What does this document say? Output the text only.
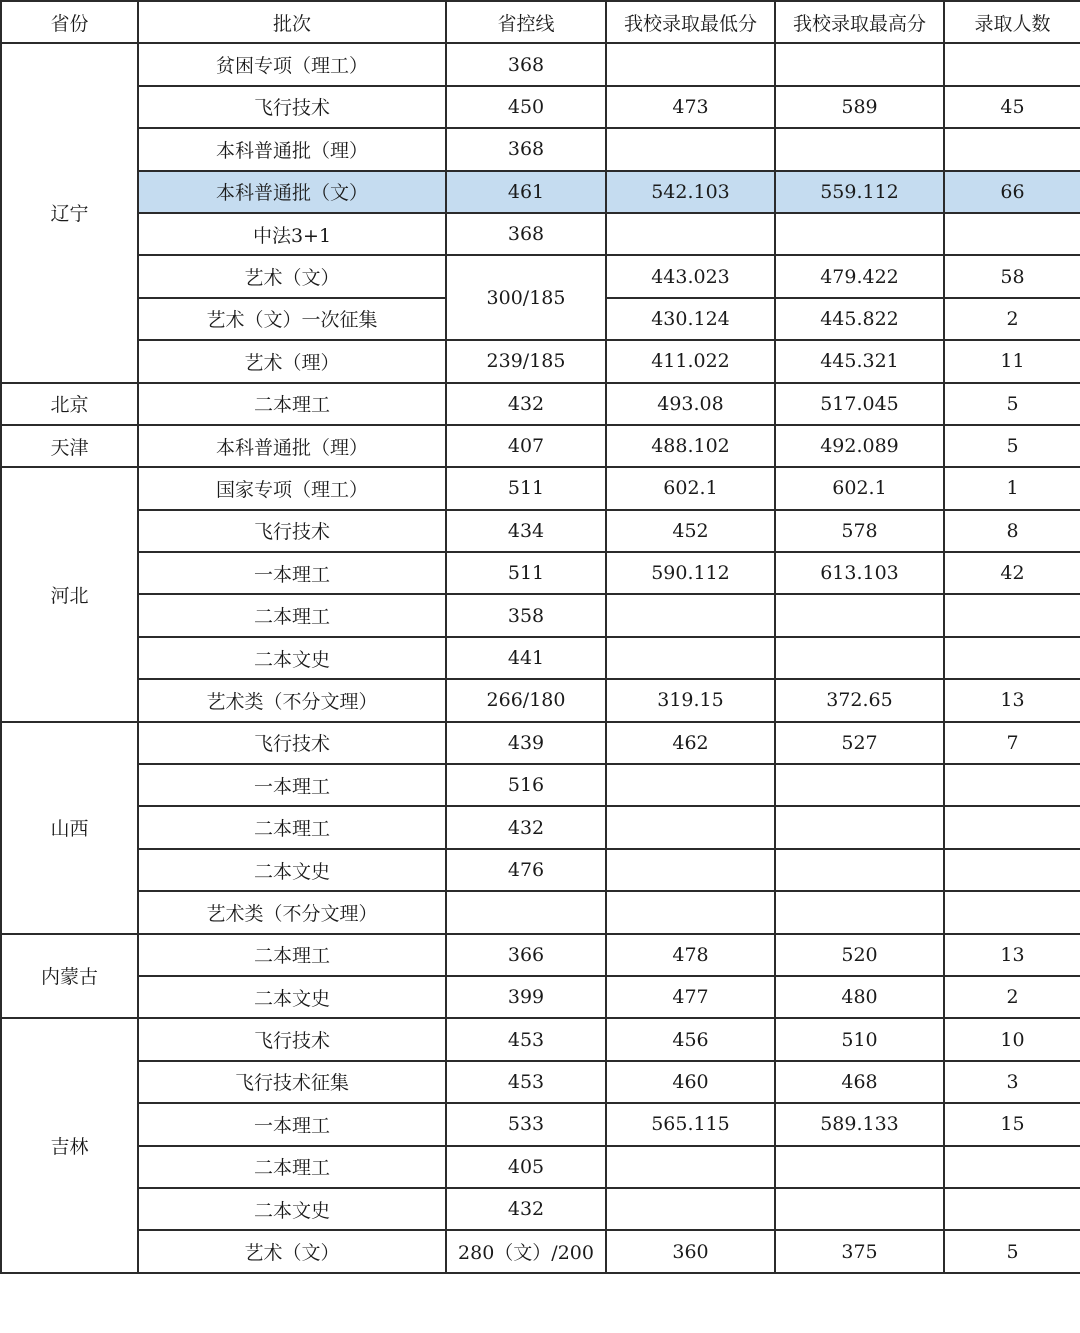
省份	批次	省控线	我校录取最低分	我校录取最高分	录取人数
辽宁	贫困专项（理工）	368			
	飞行技术	450	473	589	45
	本科普通批（理）	368			
	本科普通批（文）	461	542.103	559.112	66
	中法3+1	368			
	艺术（文）	300/185	443.023	479.422	58
	艺术（文）一次征集		430.124	445.822	2
	艺术（理）	239/185	411.022	445.321	11
北京	二本理工	432	493.08	517.045	5
天津	本科普通批（理）	407	488.102	492.089	5
河北	国家专项（理工）	511	602.1	602.1	1
	飞行技术	434	452	578	8
	一本理工	511	590.112	613.103	42
	二本理工	358			
	二本文史	441			
	艺术类（不分文理）	266/180	319.15	372.65	13
山西	飞行技术	439	462	527	7
	一本理工	516			
	二本理工	432			
	二本文史	476			
	艺术类（不分文理）				
内蒙古	二本理工	366	478	520	13
	二本文史	399	477	480	2
吉林	飞行技术	453	456	510	10
	飞行技术征集	453	460	468	3
	一本理工	533	565.115	589.133	15
	二本理工	405			
	二本文史	432			
	艺术（文）	280（文）/200	360	375	5
